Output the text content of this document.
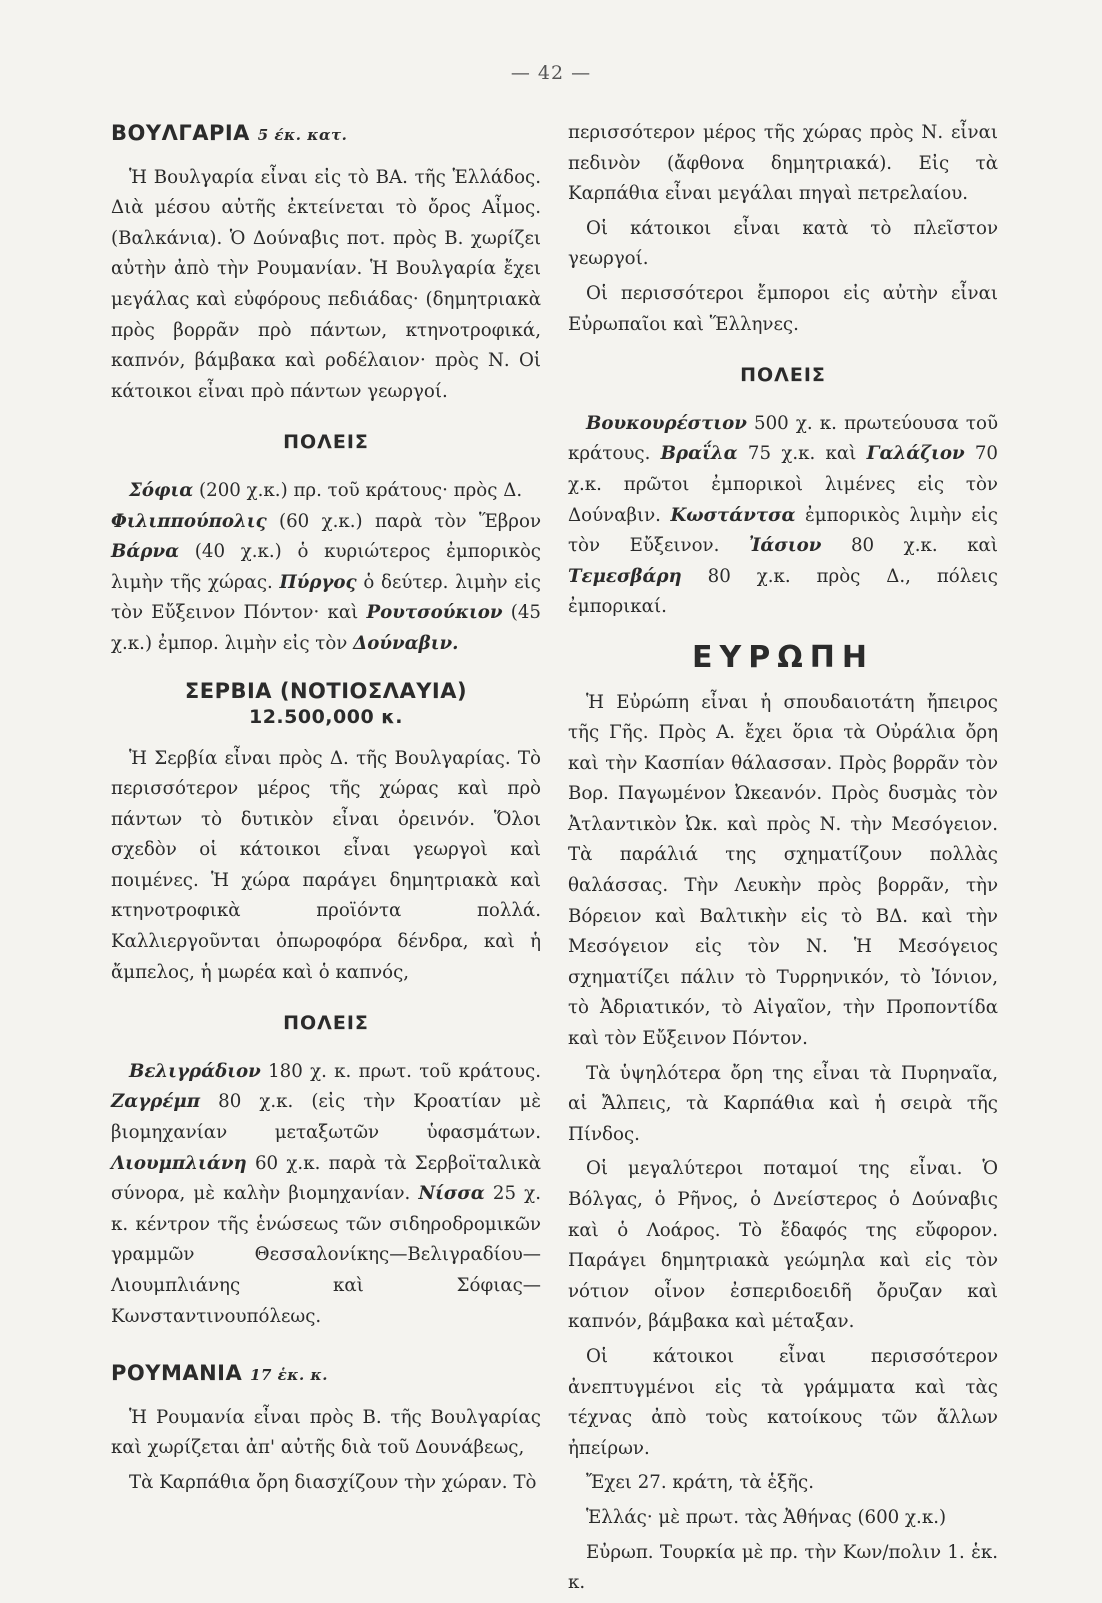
— 42 —
ΒΟΥΛΓΑΡΙΑ 5 έκ. κατ.

Ἡ Βουλγαρία εἶναι εἰς τὸ ΒΑ. τῆς Ἑλλάδος. Διὰ μέσου αὐτῆς ἐκτείνεται τὸ ὄρος Αἶμος. (Βαλκάνια). Ὁ Δούναβις ποτ. πρὸς Β. χωρίζει αὐτὴν ἀπὸ τὴν Ρουμανίαν. Ἡ Βουλγαρία ἔχει μεγάλας καὶ εὐφόρους πεδιάδας· (δημητριακὰ πρὸς βορρᾶν πρὸ πάντων, κτηνοτροφικά, καπνόν, βάμβακα καὶ ροδέλαιον· πρὸς Ν. Οἱ κάτοικοι εἶναι πρὸ πάντων γεωργοί.

ΠΟΛΕΙΣ

Σόφια (200 χ.κ.) πρ. τοῦ κράτους· πρὸς Δ.
Φιλιππούπολις (60 χ.κ.) παρὰ τὸν Ἕβρον Βάρνα (40 χ.κ.) ὁ κυριώτερος ἐμπορικὸς λιμὴν τῆς χώρας. Πύργος ὁ δεύτερ. λιμὴν εἰς τὸν Εὔξεινον Πόντον· καὶ Ρουτσούκιον (45 χ.κ.) ἐμπορ. λιμὴν εἰς τὸν Δούναβιν.

ΣΕΡΒΙΑ (ΝΟΤΙΟΣΛΑΥΙΑ)
12.500,000 κ.

Ἡ Σερβία εἶναι πρὸς Δ. τῆς Βουλγαρίας. Τὸ περισσότερον μέρος τῆς χώρας καὶ πρὸ πάντων τὸ δυτικὸν εἶναι ὀρεινόν. Ὅλοι σχεδὸν οἱ κάτοικοι εἶναι γεωργοὶ καὶ ποιμένες. Ἡ χώρα παράγει δημητριακὰ καὶ κτηνοτροφικὰ προϊόντα πολλά. Καλλιεργοῦνται ὀπωροφόρα δένδρα, καὶ ἡ ἄμπελος, ἡ μωρέα καὶ ὁ καπνός,

ΠΟΛΕΙΣ

Βελιγράδιον 180 χ. κ. πρωτ. τοῦ κράτους. Ζαγρέμπ 80 χ.κ. (εἰς τὴν Κροατίαν μὲ βιομηχανίαν μεταξωτῶν ὑφασμάτων. Λιουμπλιάνη 60 χ.κ. παρὰ τὰ Σερβοϊταλικὰ σύνορα, μὲ καλὴν βιομηχανίαν. Νίσσα 25 χ. κ. κέντρον τῆς ἑνώσεως τῶν σιδηροδρομικῶν γραμμῶν Θεσσαλονίκης—Βελιγραδίου—Λιουμπλιάνης καὶ Σόφιας—Κωνσταντινουπόλεως.

ΡΟΥΜΑΝΙΑ 17 ἑκ. κ.

Ἡ Ρουμανία εἶναι πρὸς Β. τῆς Βουλγαρίας καὶ χωρίζεται ἀπ' αὐτῆς διὰ τοῦ Δουνάβεως,

Τὰ Καρπάθια ὄρη διασχίζουν τὴν χώραν. Τὸ

περισσότερον μέρος τῆς χώρας πρὸς Ν. εἶναι πεδινὸν (ἄφθονα δημητριακά). Εἰς τὰ Καρπάθια εἶναι μεγάλαι πηγαὶ πετρελαίου.

Οἱ κάτοικοι εἶναι κατὰ τὸ πλεῖστον γεωργοί.

Οἱ περισσότεροι ἔμποροι εἰς αὐτὴν εἶναι Εὐρωπαῖοι καὶ Ἕλληνες.

ΠΟΛΕΙΣ

Βουκουρέστιον 500 χ. κ. πρωτεύουσα τοῦ κράτους. Βραΐλα 75 χ.κ. καὶ Γαλάζιον 70 χ.κ. πρῶτοι ἐμπορικοὶ λιμένες εἰς τὸν Δούναβιν. Κωστάντσα ἐμπορικὸς λιμὴν εἰς τὸν Εὔξεινον. Ἰάσιον 80 χ.κ. καὶ Τεμεσβάρη 80 χ.κ. πρὸς Δ., πόλεις ἐμπορικαί.

ΕΥΡΩΠΗ

Ἡ Εὐρώπη εἶναι ἡ σπουδαιοτάτη ἤπειρος τῆς Γῆς. Πρὸς Α. ἔχει ὅρια τὰ Οὐράλια ὄρη καὶ τὴν Κασπίαν θάλασσαν. Πρὸς βορρᾶν τὸν Βορ. Παγωμένον Ὠκεανόν. Πρὸς δυσμὰς τὸν Ἀτλαντικὸν Ὠκ. καὶ πρὸς Ν. τὴν Μεσόγειον. Τὰ παράλιά της σχηματίζουν πολλὰς θαλάσσας. Τὴν Λευκὴν πρὸς βορρᾶν, τὴν Βόρειον καὶ Βαλτικὴν εἰς τὸ ΒΔ. καὶ τὴν Μεσόγειον εἰς τὸν Ν. Ἡ Μεσόγειος σχηματίζει πάλιν τὸ Τυρρηνικόν, τὸ Ἰόνιον, τὸ Ἀδριατικόν, τὸ Αἰγαῖον, τὴν Προποντίδα καὶ τὸν Εὔξεινον Πόντον.

Τὰ ὑψηλότερα ὄρη της εἶναι τὰ Πυρηναῖα, αἱ Ἄλπεις, τὰ Καρπάθια καὶ ἡ σειρὰ τῆς Πίνδος.

Οἱ μεγαλύτεροι ποταμοί της εἶναι. Ὁ Βόλγας, ὁ Ρῆνος, ὁ Δνείστερος ὁ Δούναβις καὶ ὁ Λοάρος. Τὸ ἔδαφός της εὔφορον. Παράγει δημητριακὰ γεώμηλα καὶ εἰς τὸν νότιον οἶνον ἐσπεριδοειδῆ ὄρυζαν καὶ καπνόν, βάμβακα καὶ μέταξαν.

Οἱ κάτοικοι εἶναι περισσότερον ἀνεπτυγμένοι εἰς τὰ γράμματα καὶ τὰς τέχνας ἀπὸ τοὺς κατοίκους τῶν ἄλλων ἠπείρων.

Ἔχει 27. κράτη, τὰ ἑξῆς.

Ἑλλάς· μὲ πρωτ. τὰς Ἀθήνας (600 χ.κ.)

Εὐρωπ. Τουρκία μὲ πρ. τὴν Κων/πολιν 1. ἑκ. κ.
